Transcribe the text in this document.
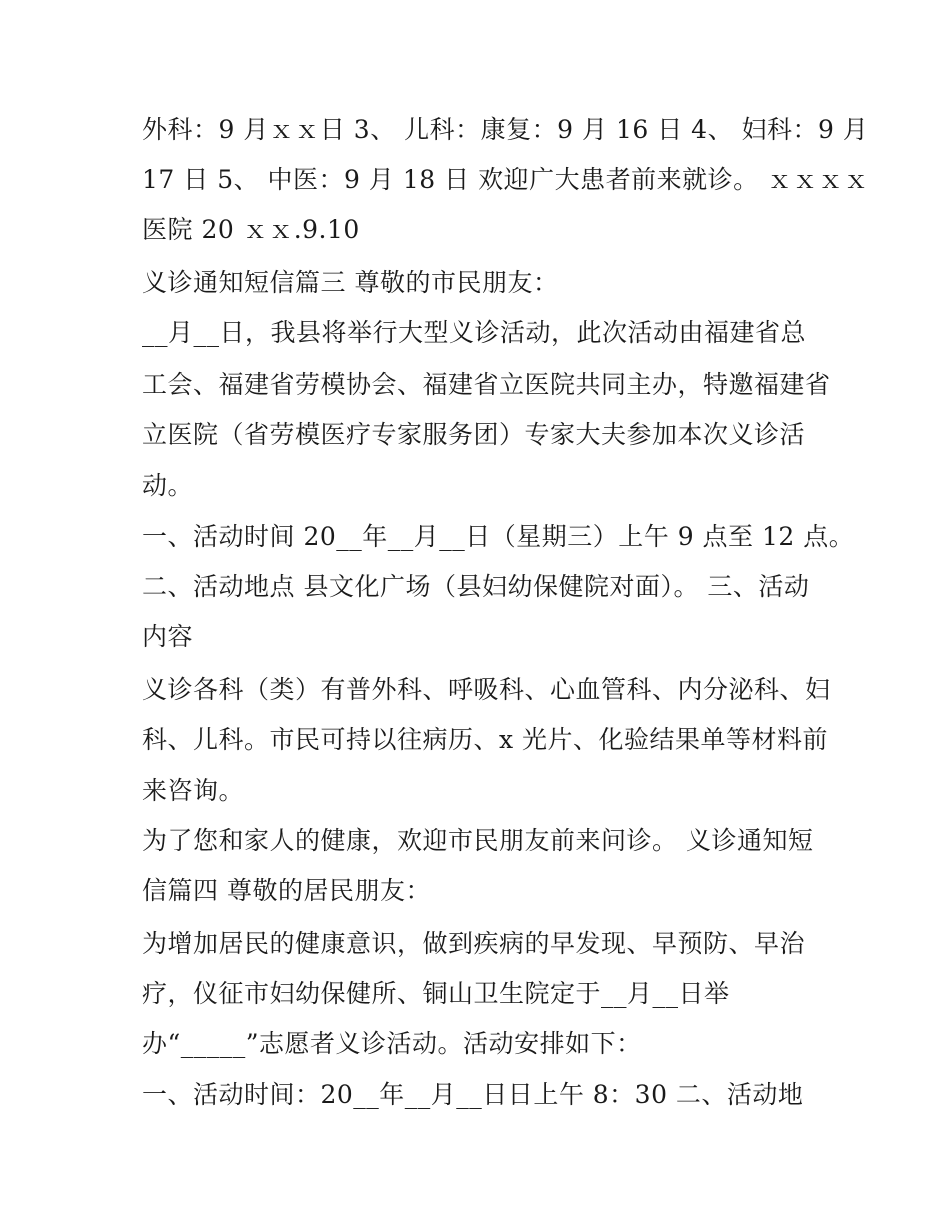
外科：9 月ｘｘ日 3、 儿科：康复：9 月 16 日 4、 妇科：9 月
17 日 5、 中医：9 月 18 日 欢迎广大患者前来就诊。 ｘｘｘｘ
医院 20 ｘｘ.9.10
义诊通知短信篇三 尊敬的市民朋友：
__月__日，我县将举行大型义诊活动，此次活动由福建省总
工会、福建省劳模协会、福建省立医院共同主办，特邀福建省
立医院（省劳模医疗专家服务团）专家大夫参加本次义诊活
动。
一、活动时间 20__年__月__日（星期三）上午 9 点至 12 点。
二、活动地点 县文化广场（县妇幼保健院对面）。 三、活动
内容
义诊各科（类）有普外科、呼吸科、心血管科、内分泌科、妇
科、儿科。市民可持以往病历、x 光片、化验结果单等材料前
来咨询。
为了您和家人的健康，欢迎市民朋友前来问诊。 义诊通知短
信篇四 尊敬的居民朋友：
为增加居民的健康意识，做到疾病的早发现、早预防、早治
疗，仪征市妇幼保健所、铜山卫生院定于__月__日举
办“_____”志愿者义诊活动。活动安排如下：
一、活动时间：20__年__月__日日上午 8：30 二、活动地
